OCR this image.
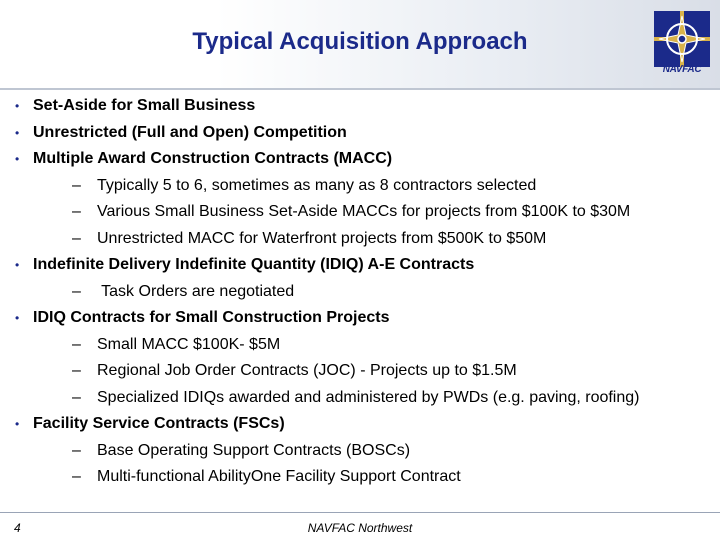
Typical Acquisition Approach
NAVFAC
• Set-Aside for Small Business
• Unrestricted (Full and Open) Competition
• Multiple Award Construction Contracts (MACC)
– Typically 5 to 6, sometimes as many as 8 contractors selected
– Various Small Business Set-Aside MACCs for projects from $100K to $30M
– Unrestricted MACC for Waterfront projects from $500K to $50M
• Indefinite Delivery Indefinite Quantity (IDIQ) A-E Contracts
– Task Orders are negotiated
• IDIQ Contracts for Small Construction Projects
– Small MACC $100K- $5M
– Regional Job Order Contracts (JOC) - Projects up to $1.5M
– Specialized IDIQs awarded and administered by PWDs (e.g. paving, roofing)
• Facility Service Contracts (FSCs)
– Base Operating Support Contracts (BOSCs)
– Multi-functional AbilityOne Facility Support Contract
4	NAVFAC Northwest
